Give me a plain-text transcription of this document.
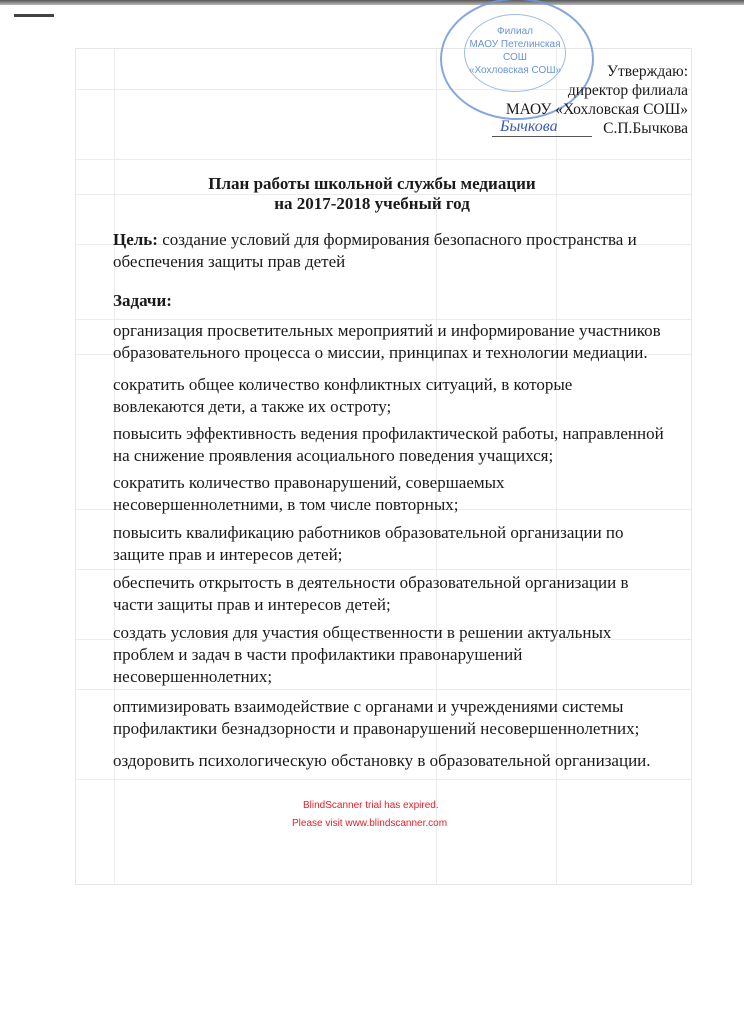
Филиал
МАОУ Петелинская СОШ
«Хохловская СОШ»	Утверждаю:
директор филиала
МАОУ «Хохловская СОШ»
С.П.Бычкова
Бычкова
План работы школьной службы медиации
на 2017-2018 учебный год
Цель: создание условий для формирования безопасного пространства и обеспечения защиты прав детей
Задачи:
организация просветительных мероприятий и информирование участников образовательного процесса о миссии, принципах и технологии медиации.
сократить общее количество конфликтных ситуаций, в которые вовлекаются дети, а также их остроту;
повысить эффективность ведения профилактической работы, направленной на снижение проявления асоциального поведения учащихся;
сократить количество правонарушений, совершаемых несовершеннолетними, в том числе повторных;
повысить квалификацию работников образовательной организации по защите прав и интересов детей;
обеспечить открытость в деятельности образовательной организации в части защиты прав и интересов детей;
создать условия для участия общественности в решении актуальных проблем и задач в части профилактики правонарушений несовершеннолетних;
оптимизировать взаимодействие с органами и учреждениями системы профилактики безнадзорности и правонарушений несовершеннолетних;
оздоровить психологическую обстановку в образовательной организации.
BlindScanner trial has expired.
Please visit www.blindscanner.com
